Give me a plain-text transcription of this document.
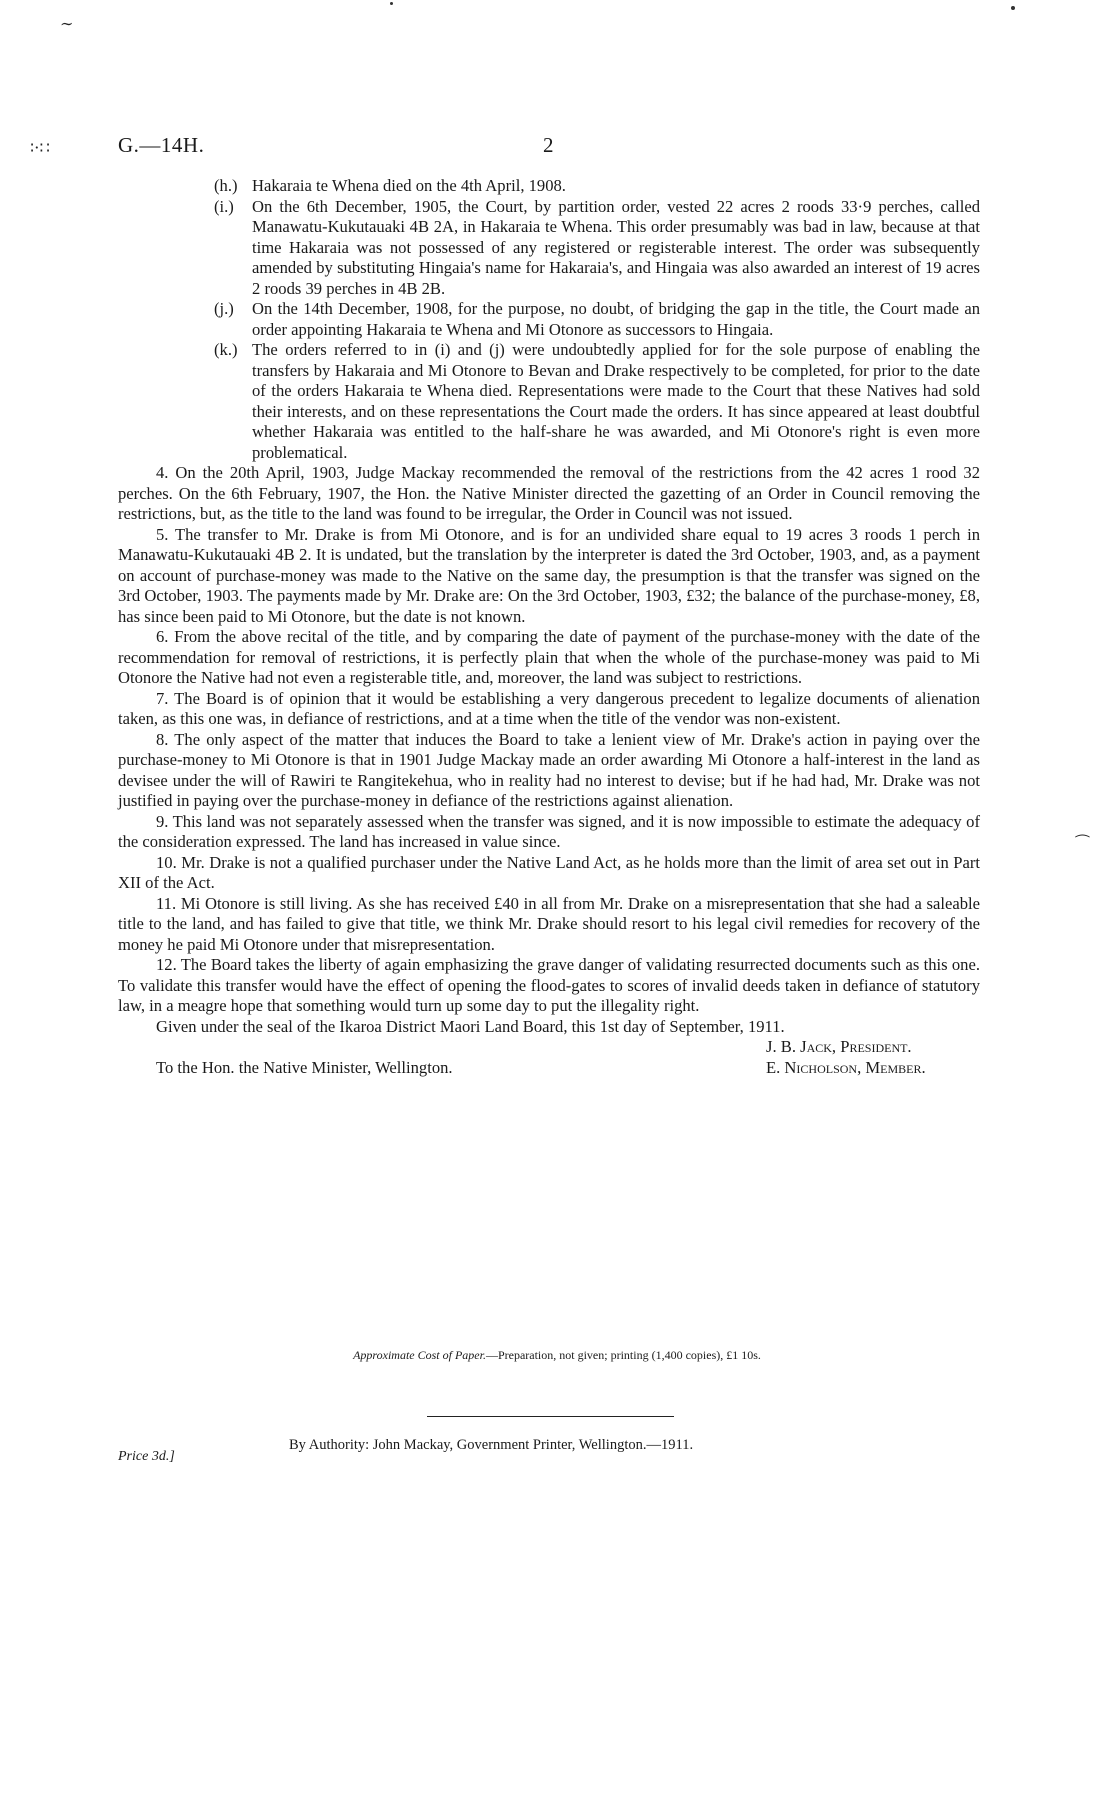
∼
∶⋅∷
⁔
G.—14H.	2

(h.) Hakaraia te Whena died on the 4th April, 1908.

(i.) On the 6th December, 1905, the Court, by partition order, vested 22 acres 2 roods 33·9 perches, called Manawatu-Kukutauaki 4B 2A, in Hakaraia te Whena. This order presumably was bad in law, because at that time Hakaraia was not possessed of any registered or registerable interest. The order was subsequently amended by substituting Hingaia's name for Hakaraia's, and Hingaia was also awarded an interest of 19 acres 2 roods 39 perches in 4B 2B.

(j.) On the 14th December, 1908, for the purpose, no doubt, of bridging the gap in the title, the Court made an order appointing Hakaraia te Whena and Mi Otonore as successors to Hingaia.

(k.) The orders referred to in (i) and (j) were undoubtedly applied for for the sole purpose of enabling the transfers by Hakaraia and Mi Otonore to Bevan and Drake respectively to be completed, for prior to the date of the orders Hakaraia te Whena died. Representations were made to the Court that these Natives had sold their interests, and on these representations the Court made the orders. It has since appeared at least doubtful whether Hakaraia was entitled to the half-share he was awarded, and Mi Otonore's right is even more problematical.

4. On the 20th April, 1903, Judge Mackay recommended the removal of the restrictions from the 42 acres 1 rood 32 perches. On the 6th February, 1907, the Hon. the Native Minister directed the gazetting of an Order in Council removing the restrictions, but, as the title to the land was found to be irregular, the Order in Council was not issued.

5. The transfer to Mr. Drake is from Mi Otonore, and is for an undivided share equal to 19 acres 3 roods 1 perch in Manawatu-Kukutauaki 4B 2. It is undated, but the translation by the interpreter is dated the 3rd October, 1903, and, as a payment on account of purchase-money was made to the Native on the same day, the presumption is that the transfer was signed on the 3rd October, 1903. The payments made by Mr. Drake are: On the 3rd October, 1903, £32; the balance of the purchase-money, £8, has since been paid to Mi Otonore, but the date is not known.

6. From the above recital of the title, and by comparing the date of payment of the purchase-money with the date of the recommendation for removal of restrictions, it is perfectly plain that when the whole of the purchase-money was paid to Mi Otonore the Native had not even a registerable title, and, moreover, the land was subject to restrictions.

7. The Board is of opinion that it would be establishing a very dangerous precedent to legalize documents of alienation taken, as this one was, in defiance of restrictions, and at a time when the title of the vendor was non-existent.

8. The only aspect of the matter that induces the Board to take a lenient view of Mr. Drake's action in paying over the purchase-money to Mi Otonore is that in 1901 Judge Mackay made an order awarding Mi Otonore a half-interest in the land as devisee under the will of Rawiri te Rangitekehua, who in reality had no interest to devise; but if he had had, Mr. Drake was not justified in paying over the purchase-money in defiance of the restrictions against alienation.

9. This land was not separately assessed when the transfer was signed, and it is now impossible to estimate the adequacy of the consideration expressed. The land has increased in value since.

10. Mr. Drake is not a qualified purchaser under the Native Land Act, as he holds more than the limit of area set out in Part XII of the Act.

11. Mi Otonore is still living. As she has received £40 in all from Mr. Drake on a misrepresentation that she had a saleable title to the land, and has failed to give that title, we think Mr. Drake should resort to his legal civil remedies for recovery of the money he paid Mi Otonore under that misrepresentation.

12. The Board takes the liberty of again emphasizing the grave danger of validating resurrected documents such as this one. To validate this transfer would have the effect of opening the flood-gates to scores of invalid deeds taken in defiance of statutory law, in a meagre hope that something would turn up some day to put the illegality right.

Given under the seal of the Ikaroa District Maori Land Board, this 1st day of September, 1911.

J. B. Jack, President.
To the Hon. the Native Minister, Wellington.	E. Nicholson, Member.
Approximate Cost of Paper.—Preparation, not given; printing (1,400 copies), £1 10s.
Price 3d.]
By Authority: John Mackay, Government Printer, Wellington.—1911.
